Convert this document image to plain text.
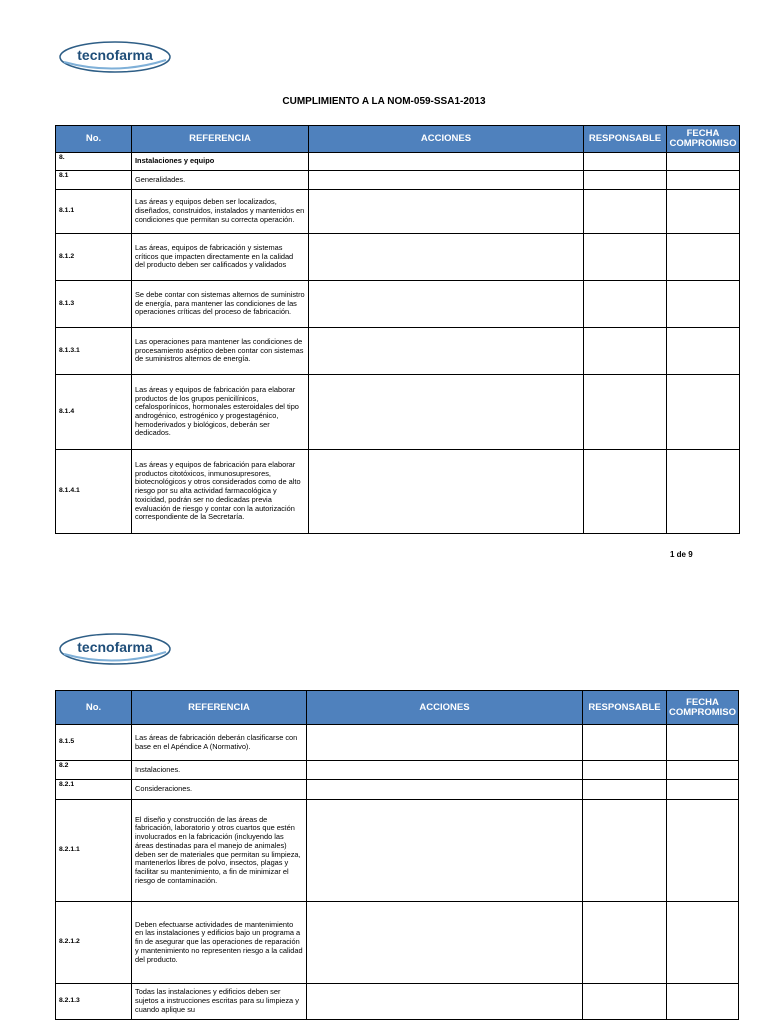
tecnofarma
CUMPLIMIENTO A LA NOM-059-SSA1-2013
No.	REFERENCIA	ACCIONES	RESPONSABLE	FECHA COMPROMISO
8.	Instalaciones y equipo			
8.1	Generalidades.			
8.1.1	Las áreas y equipos deben ser localizados, diseñados, construidos, instalados y mantenidos en condiciones que permitan su correcta operación.			
8.1.2	Las áreas, equipos de fabricación y sistemas críticos que impacten directamente en la calidad del producto deben ser calificados y validados			
8.1.3	Se debe contar con sistemas alternos de suministro de energía, para mantener las condiciones de las operaciones críticas del proceso de fabricación.			
8.1.3.1	Las operaciones para mantener las condiciones de procesamiento aséptico deben contar con sistemas de suministros alternos de energía.			
8.1.4	Las áreas y equipos de fabricación para elaborar productos de los grupos penicilínicos, cefalosporínicos, hormonales esteroidales del tipo androgénico, estrogénico y progestagénico, hemoderivados y biológicos, deberán ser dedicados.			
8.1.4.1	Las áreas y equipos de fabricación para elaborar productos citotóxicos, inmunosupresores, biotecnológicos y otros considerados como de alto riesgo por su alta actividad farmacológica y toxicidad, podrán ser no dedicadas previa evaluación de riesgo y contar con la autorización correspondiente de la Secretaría.			
1 de 9
tecnofarma
No.	REFERENCIA	ACCIONES	RESPONSABLE	FECHA COMPROMISO
8.1.5	Las áreas de fabricación deberán clasificarse con base en el Apéndice A (Normativo).			
8.2	Instalaciones.			
8.2.1	Consideraciones.			
8.2.1.1	El diseño y construcción de las áreas de fabricación, laboratorio y otros cuartos que estén involucrados en la fabricación (incluyendo las áreas destinadas para el manejo de animales) deben ser de materiales que permitan su limpieza, mantenerlos libres de polvo, insectos, plagas y facilitar su mantenimiento, a fin de minimizar el riesgo de contaminación.			
8.2.1.2	Deben efectuarse actividades de mantenimiento en las instalaciones y edificios bajo un programa a fin de asegurar que las operaciones de reparación y mantenimiento no representen riesgo a la calidad del producto.			
8.2.1.3	Todas las instalaciones y edificios deben ser sujetos a instrucciones escritas para su limpieza y cuando aplique su			
